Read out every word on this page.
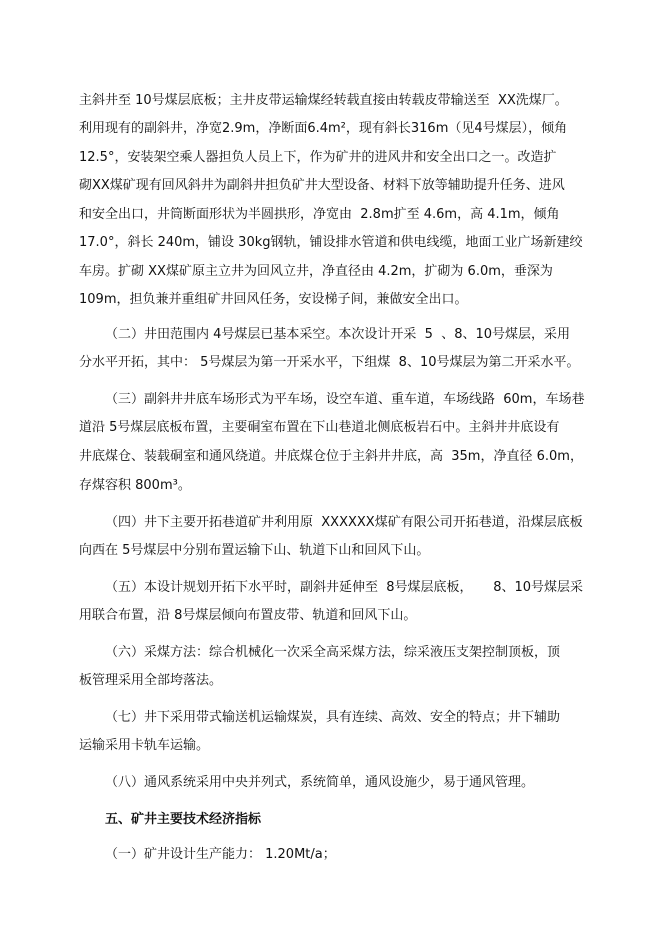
主斜井至 10号煤层底板；主井皮带运输煤经转载直接由转载皮带输送至  XX洗煤厂。
利用现有的副斜井，净宽2.9m，净断面6.4m²，现有斜长316m（见4号煤层），倾角
12.5°，安装架空乘人器担负人员上下，作为矿井的进风井和安全出口之一。改造扩
砌XX煤矿现有回风斜井为副斜井担负矿井大型设备、材料下放等辅助提升任务、进风
和安全出口，井筒断面形状为半圆拱形，净宽由  2.8m扩至 4.6m，高 4.1m，倾角
17.0°，斜长 240m，铺设 30kg钢轨，铺设排水管道和供电线缆，地面工业广场新建绞
车房。扩砌 XX煤矿原主立井为回风立井，净直径由 4.2m，扩砌为 6.0m，垂深为
109m，担负兼并重组矿井回风任务，安设梯子间，兼做安全出口。
（二）井田范围内 4号煤层已基本采空。本次设计开采  5  、8、10号煤层，采用
分水平开拓，其中： 5号煤层为第一开采水平，下组煤  8、10号煤层为第二开采水平。
（三）副斜井井底车场形式为平车场，设空车道、重车道，车场线路  60m，车场巷
道沿 5号煤层底板布置，主要硐室布置在下山巷道北侧底板岩石中。主斜井井底设有
井底煤仓、装载硐室和通风绕道。井底煤仓位于主斜井井底，高  35m，净直径 6.0m，
存煤容积 800m³。
（四）井下主要开拓巷道矿井利用原  XXXXXX煤矿有限公司开拓巷道，沿煤层底板
向西在 5号煤层中分别布置运输下山、轨道下山和回风下山。
（五）本设计规划开拓下水平时，副斜井延伸至  8号煤层底板，     8、10号煤层采
用联合布置，沿 8号煤层倾向布置皮带、轨道和回风下山。
（六）采煤方法：综合机械化一次采全高采煤方法，综采液压支架控制顶板，顶
板管理采用全部垮落法。
（七）井下采用带式输送机运输煤炭，具有连续、高效、安全的特点；井下辅助
运输采用卡轨车运输。
（八）通风系统采用中央并列式，系统简单，通风设施少，易于通风管理。
五、矿井主要技术经济指标
（一）矿井设计生产能力： 1.20Mt/a；
